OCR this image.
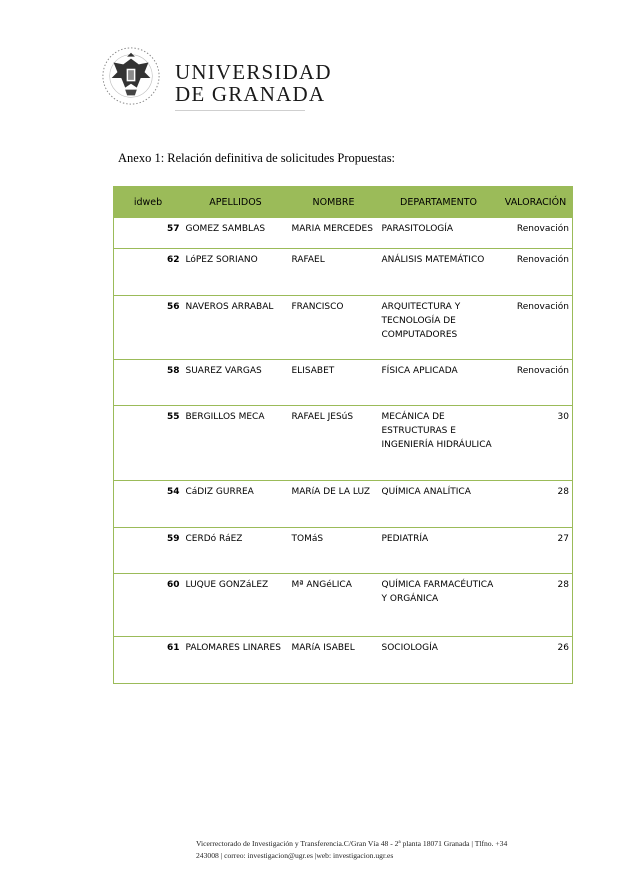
UNIVERSIDAD
DE GRANADA
Anexo 1: Relación definitiva de solicitudes Propuestas:
idweb	APELLIDOS	NOMBRE	DEPARTAMENTO	VALORACIÓN
57	GOMEZ SAMBLAS	MARIA MERCEDES	PARASITOLOGÍA	Renovación
62	LóPEZ SORIANO	RAFAEL	ANÁLISIS MATEMÁTICO	Renovación
56	NAVEROS ARRABAL	FRANCISCO	ARQUITECTURA Y TECNOLOGÍA DE COMPUTADORES	Renovación
58	SUAREZ VARGAS	ELISABET	FÍSICA APLICADA	Renovación
55	BERGILLOS MECA	RAFAEL JESúS	MECÁNICA DE ESTRUCTURAS E INGENIERÍA HIDRÁULICA	30
54	CáDIZ GURREA	MARíA DE LA LUZ	QUÍMICA ANALÍTICA	28
59	CERDó RáEZ	TOMáS	PEDIATRÍA	27
60	LUQUE GONZáLEZ	Mª ANGéLICA	QUÍMICA FARMACÉUTICA Y ORGÁNICA	28
61	PALOMARES LINARES	MARíA ISABEL	SOCIOLOGÍA	26
Vicerrectorado de Investigación y Transferencia.C/Gran Vía 48 - 2ª planta 18071 Granada | Tlfno. +34
243008 | correo: investigacion@ugr.es |web: investigacion.ugr.es
